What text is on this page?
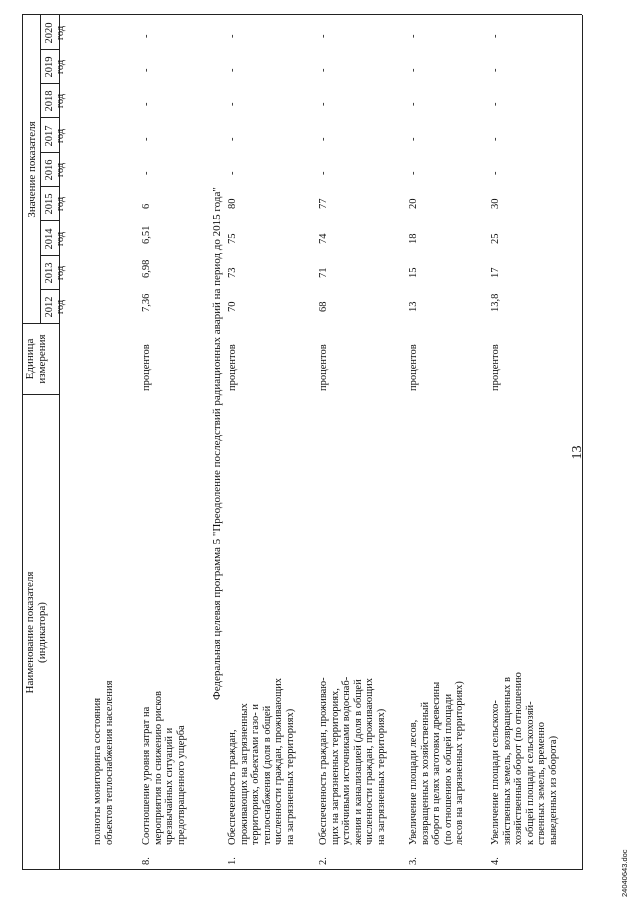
13
24040643.doc
Наименование показателя
(индикатора)
Единица
измерения
Значение показателя
2012 год
2013 год
2014 год
2015 год
2016 год
2017 год
2018 год
2019 год
2020 год
полноты мониторинга состояния
объектов теплоснабжения населения
8.
Соотношение уровня затрат на
мероприятия по снижению рисков
чрезвычайных ситуаций и
предотвращенного ущерба
процентов
7,36
6,98
6,51
6
-
-
-
-
-
Федеральная целевая программа 5 "Преодоление последствий радиационных аварий на период до 2015 года"
1.
Обеспеченность граждан,
проживающих на загрязненных
территориях, объектами газо- и
теплоснабжения (доля в общей
численности граждан, проживающих
на загрязненных территориях)
процентов
70
73
75
80
-
-
-
-
-
2.
Обеспеченность граждан, проживаю-
щих на загрязненных территориях,
устойчивыми источниками водоснаб-
жения и канализацией (доля в общей
численности граждан, проживающих
на загрязненных территориях)
процентов
68
71
74
77
-
-
-
-
-
3.
Увеличение площади лесов,
возвращенных в хозяйственный
оборот в целях заготовки древесины
(по отношению к общей площади
лесов на загрязненных территориях)
процентов
13
15
18
20
-
-
-
-
-
4.
Увеличение площади сельскохо-
зяйственных земель, возвращенных в
хозяйственный оборот (по отношению
к общей площади сельскохозяй-
ственных земель, временно
выведенных из оборота)
процентов
13,8
17
25
30
-
-
-
-
-
